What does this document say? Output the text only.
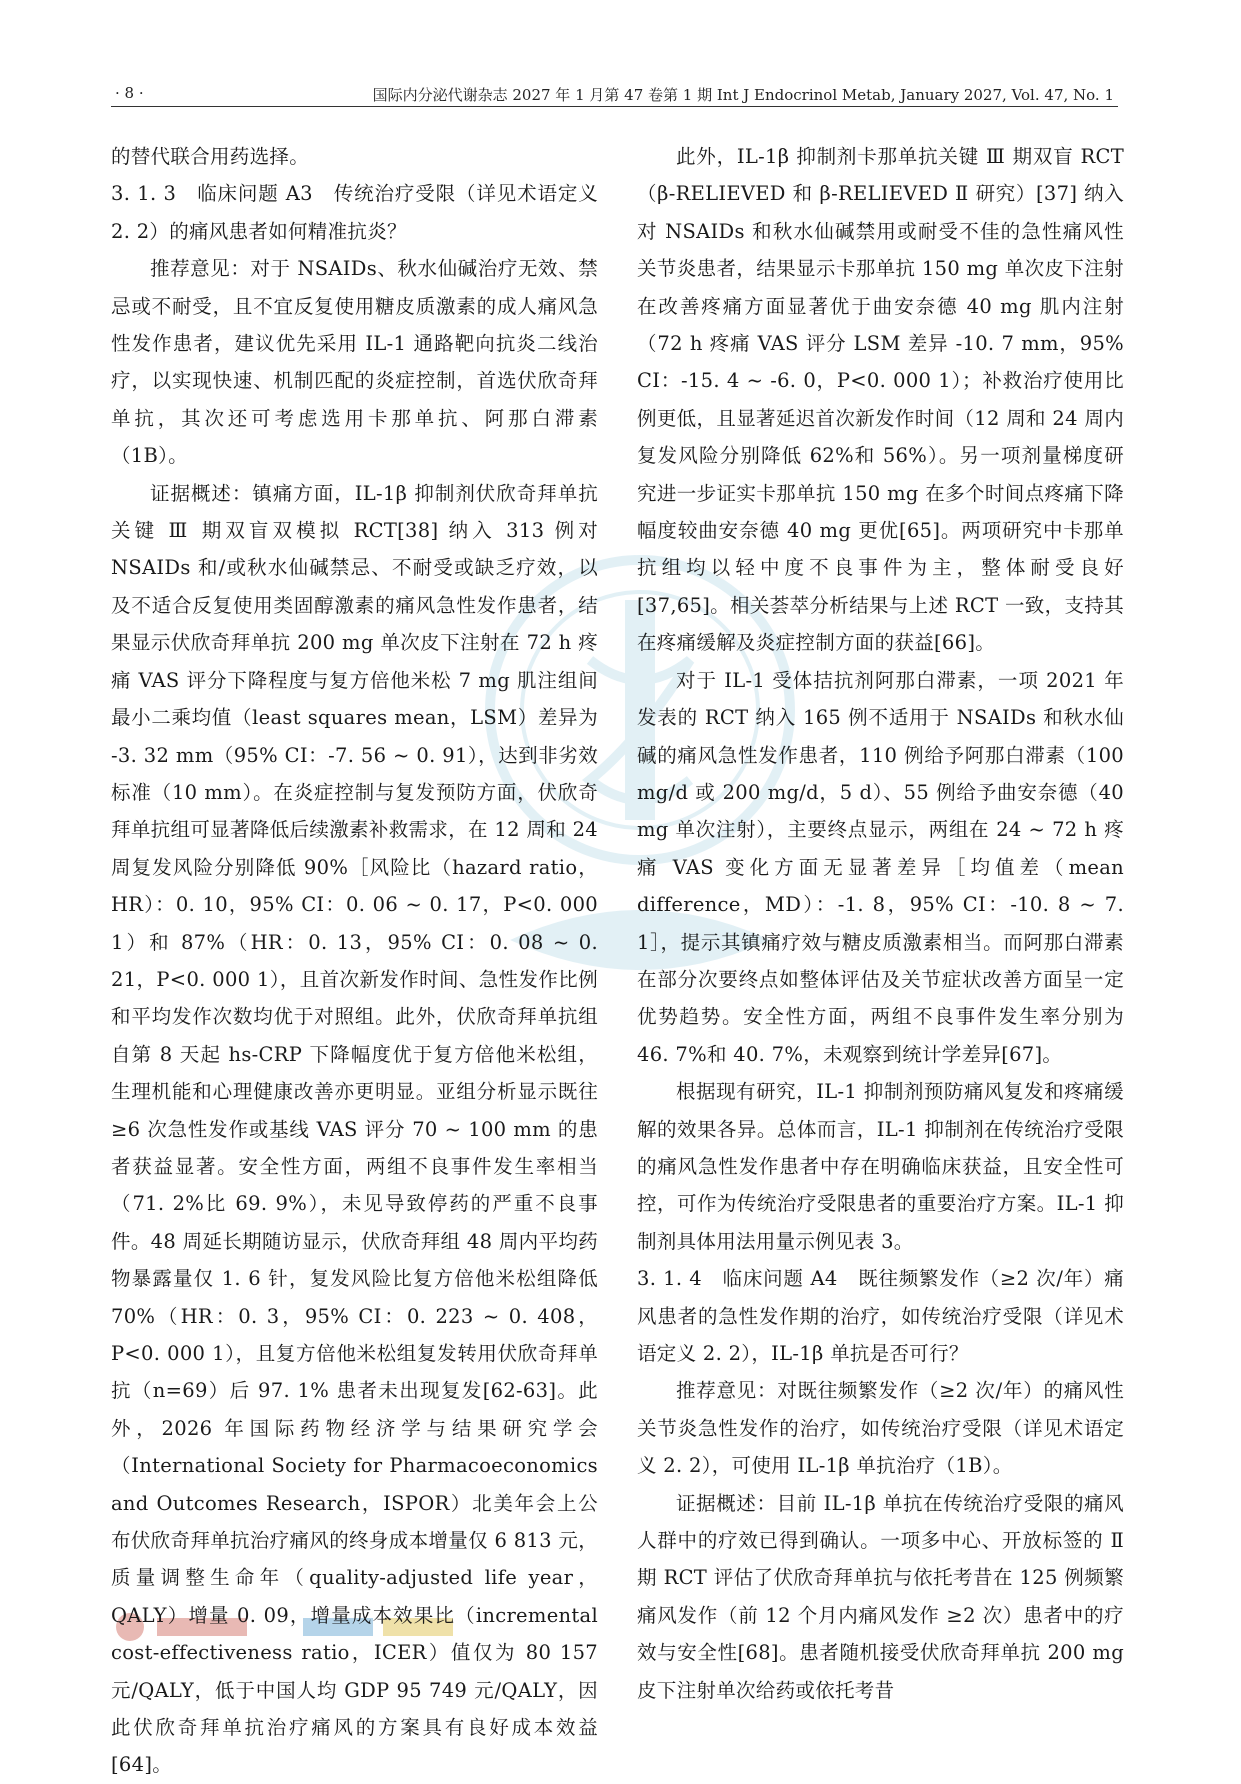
· 8 ·	国际内分泌代谢杂志 2027 年 1 月第 47 卷第 1 期 Int J Endocrinol Metab, January 2027, Vol. 47, No. 1

的替代联合用药选择。

3. 1. 3　临床问题 A3　传统治疗受限（详见术语定义 2. 2）的痛风患者如何精准抗炎？

推荐意见：对于 NSAIDs、秋水仙碱治疗无效、禁忌或不耐受，且不宜反复使用糖皮质激素的成人痛风急性发作患者，建议优先采用 IL-1 通路靶向抗炎二线治疗，以实现快速、机制匹配的炎症控制，首选伏欣奇拜单抗，其次还可考虑选用卡那单抗、阿那白滞素（1B）。

证据概述：镇痛方面，IL-1β 抑制剂伏欣奇拜单抗关键 Ⅲ 期双盲双模拟 RCT[38] 纳入 313 例对 NSAIDs 和/或秋水仙碱禁忌、不耐受或缺乏疗效，以及不适合反复使用类固醇激素的痛风急性发作患者，结果显示伏欣奇拜单抗 200 mg 单次皮下注射在 72 h 疼痛 VAS 评分下降程度与复方倍他米松 7 mg 肌注组间最小二乘均值（least squares mean，LSM）差异为 -3. 32 mm（95% CI：-7. 56 ~ 0. 91），达到非劣效标准（10 mm）。在炎症控制与复发预防方面，伏欣奇拜单抗组可显著降低后续激素补救需求，在 12 周和 24 周复发风险分别降低 90%［风险比（hazard ratio，HR）：0. 10，95% CI：0. 06 ~ 0. 17，P<0. 000 1）和 87%（HR：0. 13，95% CI：0. 08 ~ 0. 21，P<0. 000 1），且首次新发作时间、急性发作比例和平均发作次数均优于对照组。此外，伏欣奇拜单抗组自第 8 天起 hs-CRP 下降幅度优于复方倍他米松组，生理机能和心理健康改善亦更明显。亚组分析显示既往 ≥6 次急性发作或基线 VAS 评分 70 ~ 100 mm 的患者获益显著。安全性方面，两组不良事件发生率相当（71. 2%比 69. 9%），未见导致停药的严重不良事件。48 周延长期随访显示，伏欣奇拜组 48 周内平均药物暴露量仅 1. 6 针，复发风险比复方倍他米松组降低 70%（HR：0. 3，95% CI：0. 223 ~ 0. 408，P<0. 000 1），且复方倍他米松组复发转用伏欣奇拜单抗（n=69）后 97. 1% 患者未出现复发[62-63]。此外，2026 年国际药物经济学与结果研究学会（International Society for Pharmacoeconomics and Outcomes Research，ISPOR）北美年会上公布伏欣奇拜单抗治疗痛风的终身成本增量仅 6 813 元，质量调整生命年（quality-adjusted life year，QALY）增量 0. 09，增量成本效果比（incremental cost-effectiveness ratio，ICER）值仅为 80 157 元/QALY，低于中国人均 GDP 95 749 元/QALY，因此伏欣奇拜单抗治疗痛风的方案具有良好成本效益[64]。

此外，IL-1β 抑制剂卡那单抗关键 Ⅲ 期双盲 RCT（β-RELIEVED 和 β-RELIEVED Ⅱ 研究）[37] 纳入对 NSAIDs 和秋水仙碱禁用或耐受不佳的急性痛风性关节炎患者，结果显示卡那单抗 150 mg 单次皮下注射在改善疼痛方面显著优于曲安奈德 40 mg 肌内注射（72 h 疼痛 VAS 评分 LSM 差异 -10. 7 mm，95% CI：-15. 4 ~ -6. 0，P<0. 000 1）；补救治疗使用比例更低，且显著延迟首次新发作时间（12 周和 24 周内复发风险分别降低 62%和 56%）。另一项剂量梯度研究进一步证实卡那单抗 150 mg 在多个时间点疼痛下降幅度较曲安奈德 40 mg 更优[65]。两项研究中卡那单抗组均以轻中度不良事件为主，整体耐受良好[37,65]。相关荟萃分析结果与上述 RCT 一致，支持其在疼痛缓解及炎症控制方面的获益[66]。

对于 IL-1 受体拮抗剂阿那白滞素，一项 2021 年发表的 RCT 纳入 165 例不适用于 NSAIDs 和秋水仙碱的痛风急性发作患者，110 例给予阿那白滞素（100 mg/d 或 200 mg/d，5 d）、55 例给予曲安奈德（40 mg 单次注射），主要终点显示，两组在 24 ~ 72 h 疼痛 VAS 变化方面无显著差异［均值差（mean difference，MD）：-1. 8，95% CI：-10. 8 ~ 7. 1］，提示其镇痛疗效与糖皮质激素相当。而阿那白滞素在部分次要终点如整体评估及关节症状改善方面呈一定优势趋势。安全性方面，两组不良事件发生率分别为 46. 7%和 40. 7%，未观察到统计学差异[67]。

根据现有研究，IL-1 抑制剂预防痛风复发和疼痛缓解的效果各异。总体而言，IL-1 抑制剂在传统治疗受限的痛风急性发作患者中存在明确临床获益，且安全性可控，可作为传统治疗受限患者的重要治疗方案。IL-1 抑制剂具体用法用量示例见表 3。

3. 1. 4　临床问题 A4　既往频繁发作（≥2 次/年）痛风患者的急性发作期的治疗，如传统治疗受限（详见术语定义 2. 2），IL-1β 单抗是否可行？

推荐意见：对既往频繁发作（≥2 次/年）的痛风性关节炎急性发作的治疗，如传统治疗受限（详见术语定义 2. 2），可使用 IL-1β 单抗治疗（1B）。

证据概述：目前 IL-1β 单抗在传统治疗受限的痛风人群中的疗效已得到确认。一项多中心、开放标签的 Ⅱ 期 RCT 评估了伏欣奇拜单抗与依托考昔在 125 例频繁痛风发作（前 12 个月内痛风发作 ≥2 次）患者中的疗效与安全性[68]。患者随机接受伏欣奇拜单抗 200 mg 皮下注射单次给药或依托考昔
